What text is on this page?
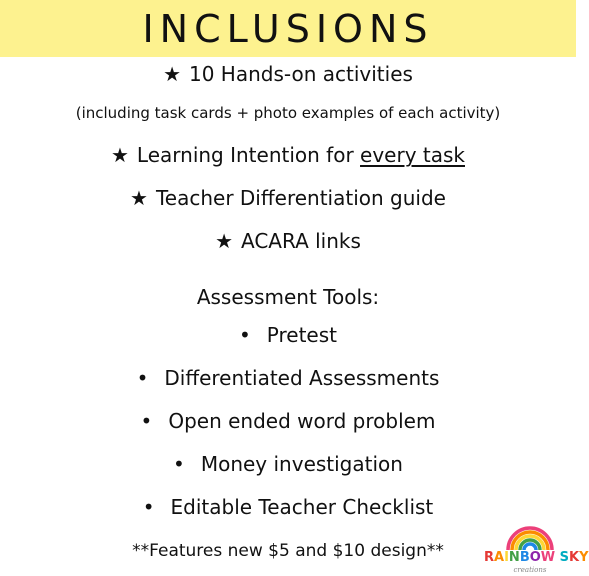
INCLUSIONS
★ 10 Hands-on activities
(including task cards + photo examples of each activity)
★ Learning Intention for every task
★ Teacher Differentiation guide
★ ACARA links
Assessment Tools:
• Pretest
• Differentiated Assessments
• Open ended word problem
• Money investigation
• Editable Teacher Checklist
**Features new $5 and $10 design**	RAINBOW SKY
creations
